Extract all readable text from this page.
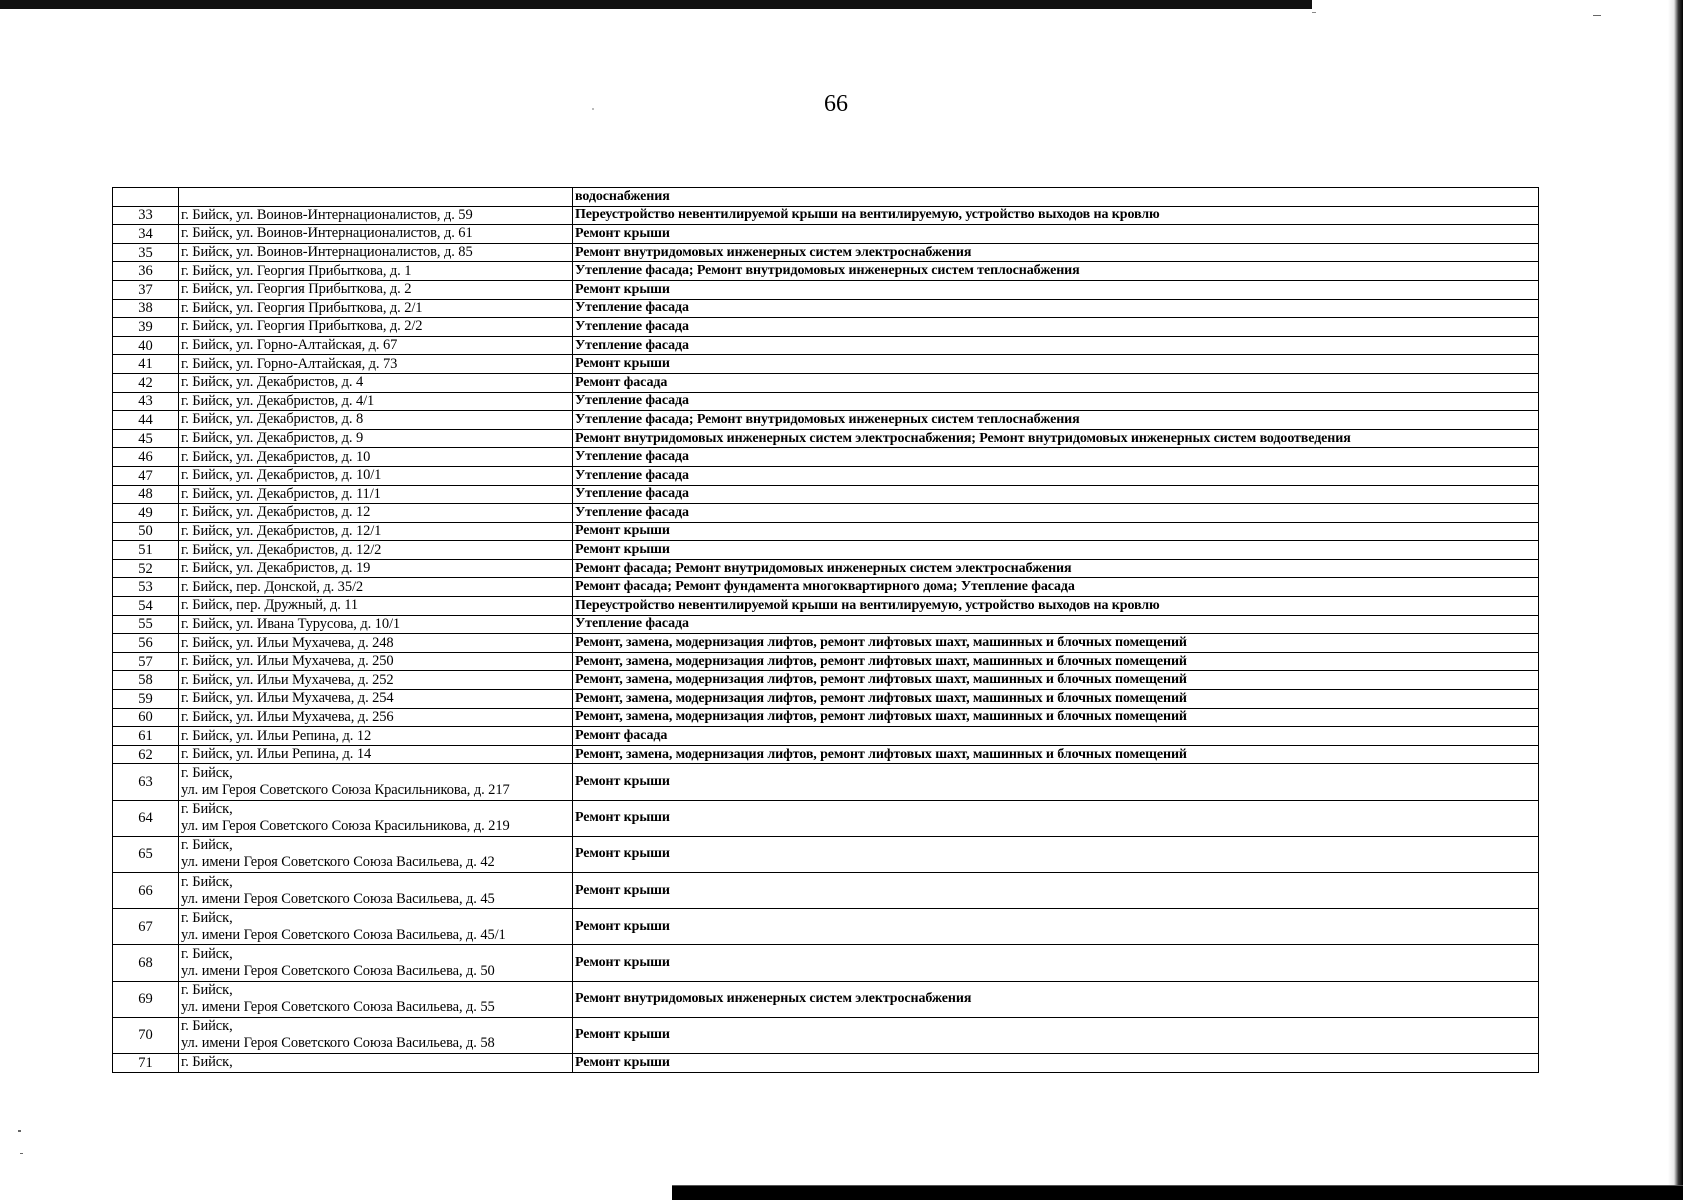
66
		водоснабжения
33	г. Бийск, ул. Воинов-Интернационалистов, д. 59	Переустройство невентилируемой крыши на вентилируемую, устройство выходов на кровлю
34	г. Бийск, ул. Воинов-Интернационалистов, д. 61	Ремонт крыши
35	г. Бийск, ул. Воинов-Интернационалистов, д. 85	Ремонт внутридомовых инженерных систем электроснабжения
36	г. Бийск, ул. Георгия Прибыткова, д. 1	Утепление фасада; Ремонт внутридомовых инженерных систем теплоснабжения
37	г. Бийск, ул. Георгия Прибыткова, д. 2	Ремонт крыши
38	г. Бийск, ул. Георгия Прибыткова, д. 2/1	Утепление фасада
39	г. Бийск, ул. Георгия Прибыткова, д. 2/2	Утепление фасада
40	г. Бийск, ул. Горно-Алтайская, д. 67	Утепление фасада
41	г. Бийск, ул. Горно-Алтайская, д. 73	Ремонт крыши
42	г. Бийск, ул. Декабристов, д. 4	Ремонт фасада
43	г. Бийск, ул. Декабристов, д. 4/1	Утепление фасада
44	г. Бийск, ул. Декабристов, д. 8	Утепление фасада; Ремонт внутридомовых инженерных систем теплоснабжения
45	г. Бийск, ул. Декабристов, д. 9	Ремонт внутридомовых инженерных систем электроснабжения; Ремонт внутридомовых инженерных систем водоотведения
46	г. Бийск, ул. Декабристов, д. 10	Утепление фасада
47	г. Бийск, ул. Декабристов, д. 10/1	Утепление фасада
48	г. Бийск, ул. Декабристов, д. 11/1	Утепление фасада
49	г. Бийск, ул. Декабристов, д. 12	Утепление фасада
50	г. Бийск, ул. Декабристов, д. 12/1	Ремонт крыши
51	г. Бийск, ул. Декабристов, д. 12/2	Ремонт крыши
52	г. Бийск, ул. Декабристов, д. 19	Ремонт фасада; Ремонт внутридомовых инженерных систем электроснабжения
53	г. Бийск, пер. Донской, д. 35/2	Ремонт фасада; Ремонт фундамента многоквартирного дома; Утепление фасада
54	г. Бийск, пер. Дружный, д. 11	Переустройство невентилируемой крыши на вентилируемую, устройство выходов на кровлю
55	г. Бийск, ул. Ивана Турусова, д. 10/1	Утепление фасада
56	г. Бийск, ул. Ильи Мухачева, д. 248	Ремонт, замена, модернизация лифтов, ремонт лифтовых шахт, машинных и блочных помещений
57	г. Бийск, ул. Ильи Мухачева, д. 250	Ремонт, замена, модернизация лифтов, ремонт лифтовых шахт, машинных и блочных помещений
58	г. Бийск, ул. Ильи Мухачева, д. 252	Ремонт, замена, модернизация лифтов, ремонт лифтовых шахт, машинных и блочных помещений
59	г. Бийск, ул. Ильи Мухачева, д. 254	Ремонт, замена, модернизация лифтов, ремонт лифтовых шахт, машинных и блочных помещений
60	г. Бийск, ул. Ильи Мухачева, д. 256	Ремонт, замена, модернизация лифтов, ремонт лифтовых шахт, машинных и блочных помещений
61	г. Бийск, ул. Ильи Репина, д. 12	Ремонт фасада
62	г. Бийск, ул. Ильи Репина, д. 14	Ремонт, замена, модернизация лифтов, ремонт лифтовых шахт, машинных и блочных помещений
63	г. Бийск,
ул. им Героя Советского Союза Красильникова, д. 217	Ремонт крыши
64	г. Бийск,
ул. им Героя Советского Союза Красильникова, д. 219	Ремонт крыши
65	г. Бийск,
ул. имени Героя Советского Союза Васильева, д. 42	Ремонт крыши
66	г. Бийск,
ул. имени Героя Советского Союза Васильева, д. 45	Ремонт крыши
67	г. Бийск,
ул. имени Героя Советского Союза Васильева, д. 45/1	Ремонт крыши
68	г. Бийск,
ул. имени Героя Советского Союза Васильева, д. 50	Ремонт крыши
69	г. Бийск,
ул. имени Героя Советского Союза Васильева, д. 55	Ремонт внутридомовых инженерных систем электроснабжения
70	г. Бийск,
ул. имени Героя Советского Союза Васильева, д. 58	Ремонт крыши
71	г. Бийск,	Ремонт крыши
